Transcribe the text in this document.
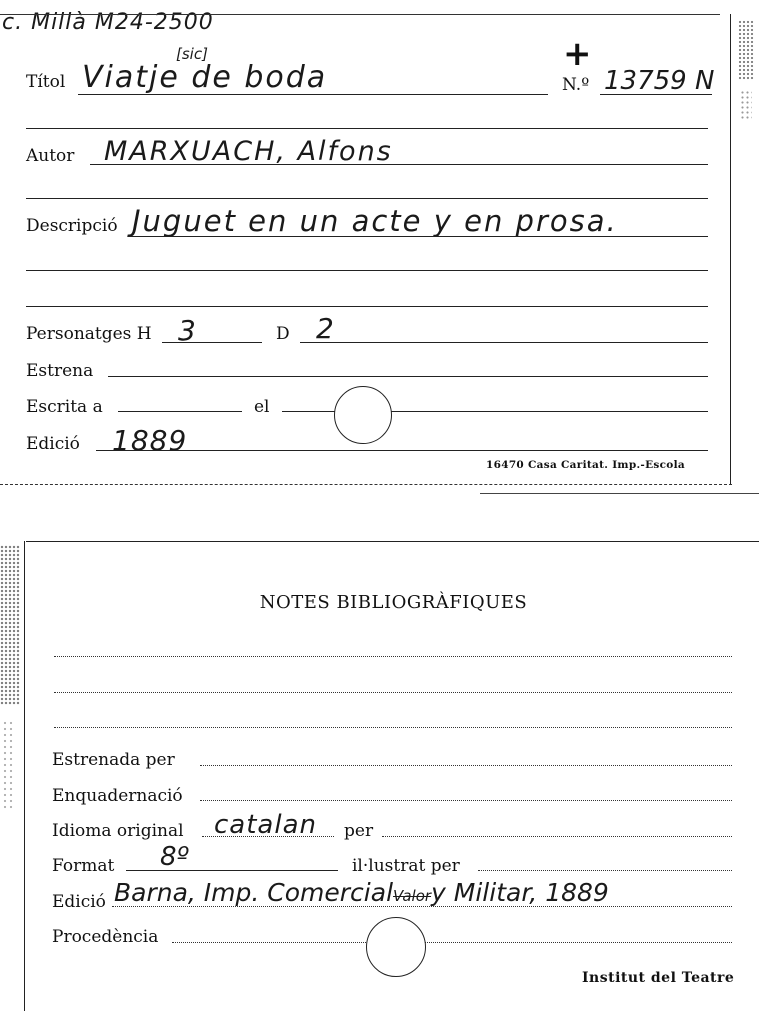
c. Millà M24-2500
Títol Viatje de boda
[sic]	+
N.º 13759 N
Autor MARXUACH, Alfons
Descripció Juguet en un acte y en prosa.
Personatges H 3	D 2
Estrena
Escrita a	el
Edició 1889
16470 Casa Caritat. Imp.-Escola
NOTES BIBLIOGRÀFIQUES
Estrenada per
Enquadernació
Idioma original catalan per
Format 8º	il·lustrat per
Edició Barna, Imp. ComercialValory Militar, 1889
Procedència
Institut del Teatre
